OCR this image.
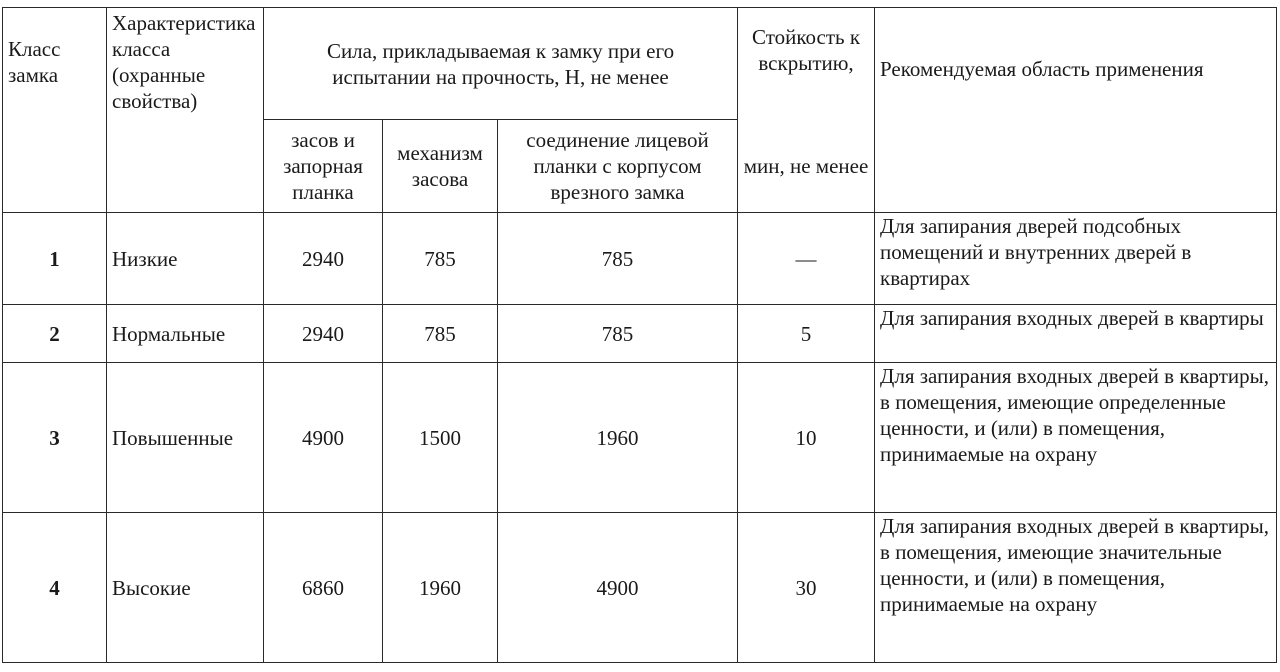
Класс замка	Характеристика класса (охранные свойства)	Сила, прикладываемая к замку при его испытании на прочность, Н, не менее			Стойкость к вскрытию,	Рекомендуемая область применения
		засов и запорная планка	механизм засова	соединение лицевой планки с корпусом врезного замка	мин, не менее	
1	Низкие	2940	785	785	—	Для запирания дверей подсобных помещений и внутренних дверей в квартирах
2	Нормальные	2940	785	785	5	Для запирания входных дверей в квартиры
3	Повышенные	4900	1500	1960	10	Для запирания входных дверей в квартиры, в помещения, имеющие определенные ценности, и (или) в помещения, принимаемые на охрану
4	Высокие	6860	1960	4900	30	Для запирания входных дверей в квартиры, в помещения, имеющие значительные ценности, и (или) в помещения, принимаемые на охрану
